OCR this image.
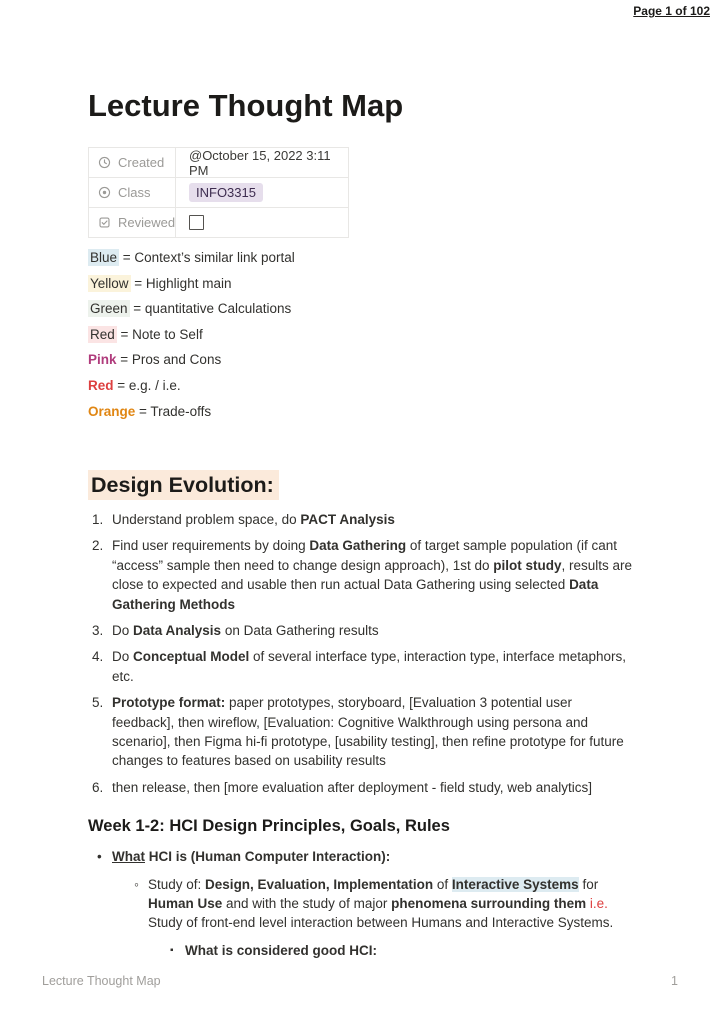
Page 1 of 102
Lecture Thought Map
Created @October 15, 2022 3:11 PM
Class	INFO3315
Reviewed

Blue = Context’s similar link portal

Yellow = Highlight main

Green = quantitative Calculations

Red = Note to Self

Pink = Pros and Cons

Red = e.g. / i.e.

Orange = Trade-offs

Design Evolution:
1. Understand problem space, do PACT Analysis
2. Find user requirements by doing Data Gathering of target sample population (if cant “access” sample then need to change design approach), 1st do pilot study, results are close to expected and usable then run actual Data Gathering using selected Data Gathering Methods
3. Do Data Analysis on Data Gathering results
4. Do Conceptual Model of several interface type, interaction type, interface metaphors, etc.
5. Prototype format: paper prototypes, storyboard, [Evaluation 3 potential user feedback], then wireflow, [Evaluation: Cognitive Walkthrough using persona and scenario], then Figma hi-fi prototype, [usability testing], then refine prototype for future changes to features based on usability results
6. then release, then [more evaluation after deployment - field study, web analytics]
Week 1-2: HCI Design Principles, Goals, Rules
• What HCI is (Human Computer Interaction):
◦ Study of: Design, Evaluation, Implementation of Interactive Systems for Human Use and with the study of major phenomena surrounding them i.e. Study of front-end level interaction between Humans and Interactive Systems.
▪ What is considered good HCI:
Lecture Thought Map	1
